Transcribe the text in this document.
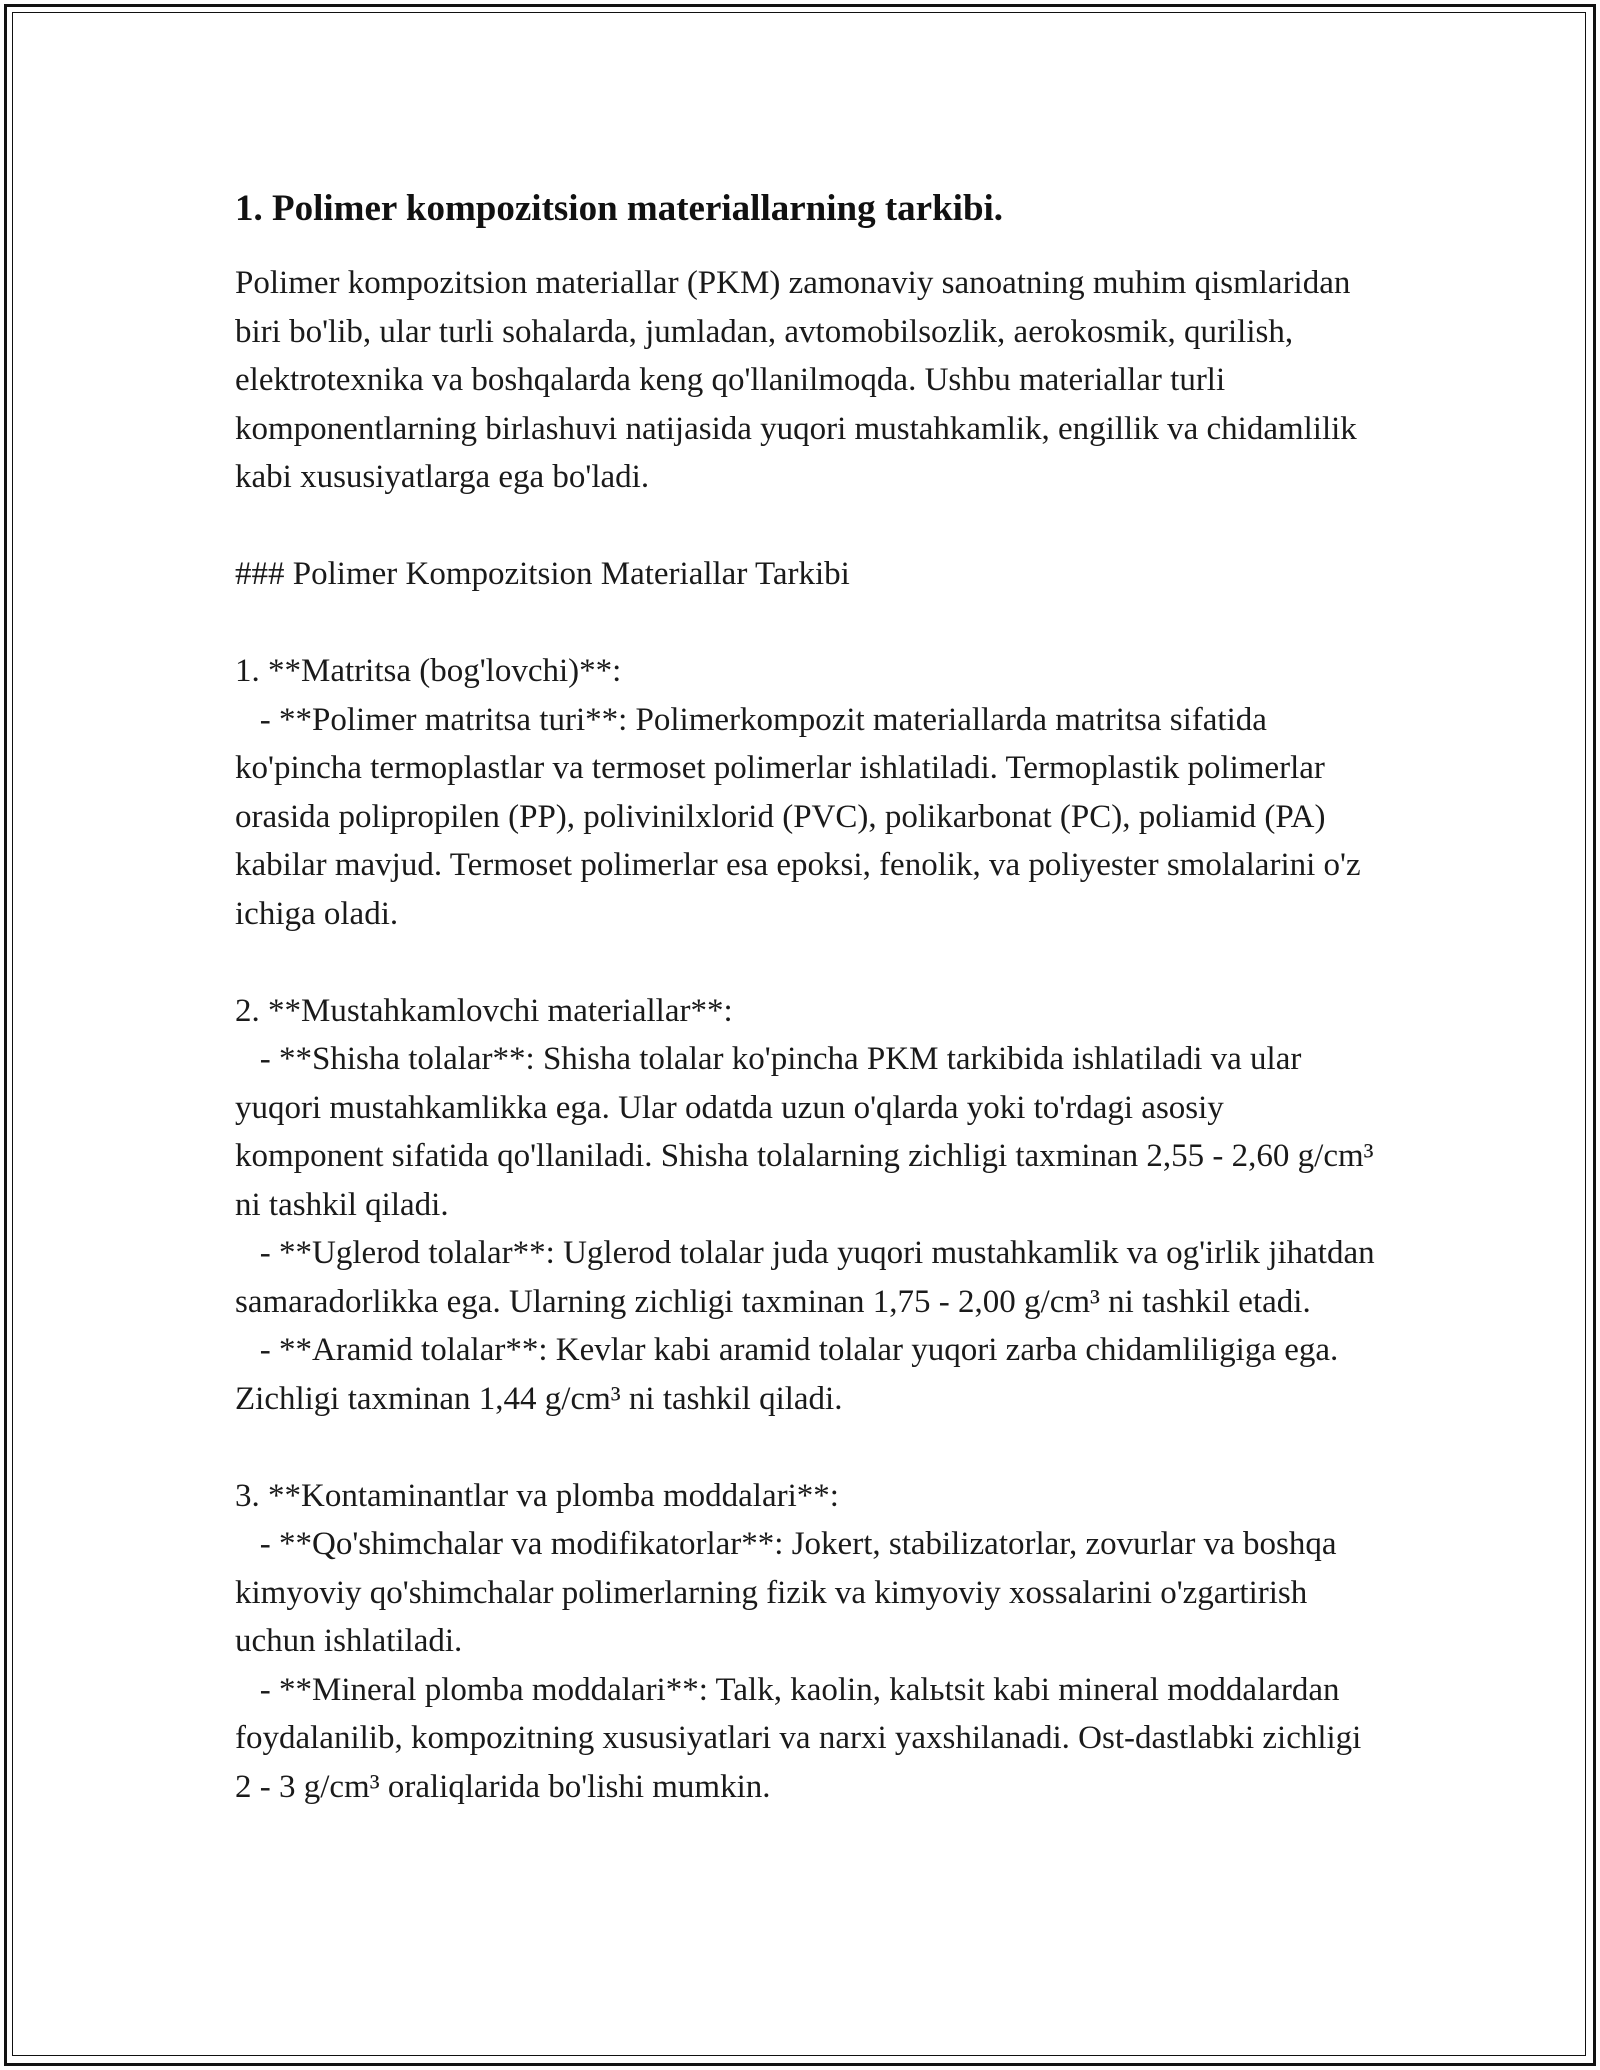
1. Polimer kompozitsion materiallarning tarkibi.

Polimer kompozitsion materiallar (PKM) zamonaviy sanoatning muhim qismlaridan biri bo'lib, ular turli sohalarda, jumladan, avtomobilsozlik, aerokosmik, qurilish, elektrotexnika va boshqalarda keng qo'llanilmoqda. Ushbu materiallar turli komponentlarning birlashuvi natijasida yuqori mustahkamlik, engillik va chidamlilik kabi xususiyatlarga ega bo'ladi.

### Polimer Kompozitsion Materiallar Tarkibi

1. **Matritsa (bog'lovchi)**:

- **Polimer matritsa turi**: Polimerkompozit materiallarda matritsa sifatida ko'pincha termoplastlar va termoset polimerlar ishlatiladi. Termoplastik polimerlar orasida polipropilen (PP), polivinilxlorid (PVC), polikarbonat (PC), poliamid (PA) kabilar mavjud. Termoset polimerlar esa epoksi, fenolik, va poliyester smolalarini o'z ichiga oladi.

2. **Mustahkamlovchi materiallar**:

- **Shisha tolalar**: Shisha tolalar ko'pincha PKM tarkibida ishlatiladi va ular yuqori mustahkamlikka ega. Ular odatda uzun o'qlarda yoki to'rdagi asosiy komponent sifatida qo'llaniladi. Shisha tolalarning zichligi taxminan 2,55 - 2,60 g/cm³ ni tashkil qiladi.

- **Uglerod tolalar**: Uglerod tolalar juda yuqori mustahkamlik va og'irlik jihatdan samaradorlikka ega. Ularning zichligi taxminan 1,75 - 2,00 g/cm³ ni tashkil etadi.

- **Aramid tolalar**: Kevlar kabi aramid tolalar yuqori zarba chidamliligiga ega. Zichligi taxminan 1,44 g/cm³ ni tashkil qiladi.

3. **Kontaminantlar va plomba moddalari**:

- **Qo'shimchalar va modifikatorlar**: Jokert, stabilizatorlar, zovurlar va boshqa kimyoviy qo'shimchalar polimerlarning fizik va kimyoviy xossalarini o'zgartirish uchun ishlatiladi.

- **Mineral plomba moddalari**: Talk, kaolin, kalьtsit kabi mineral moddalardan foydalanilib, kompozitning xususiyatlari va narxi yaxshilanadi. Ost-dastlabki zichligi 2 - 3 g/cm³ oraliqlarida bo'lishi mumkin.
